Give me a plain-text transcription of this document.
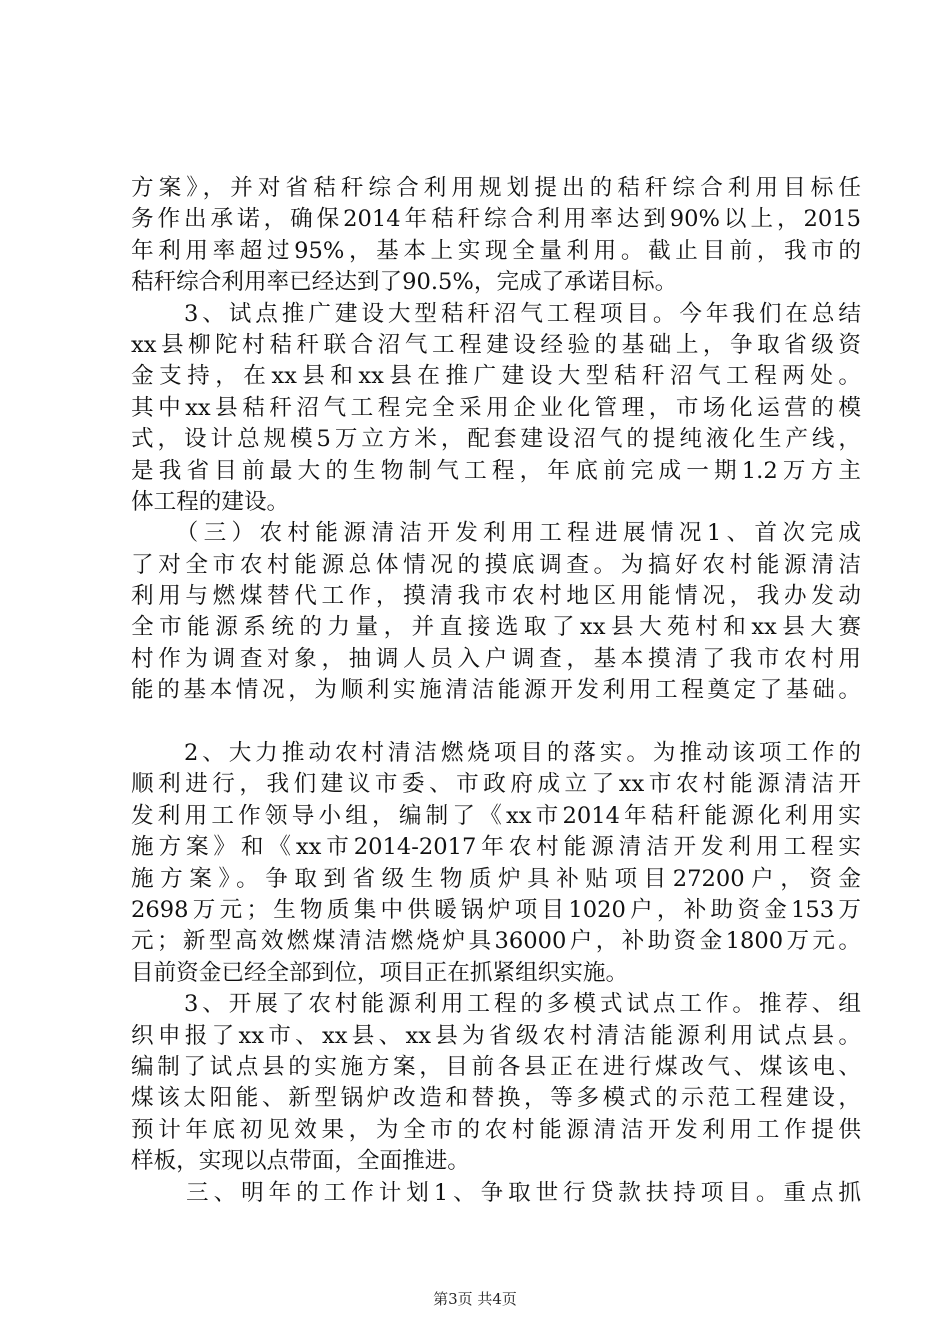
方案》，并对省秸秆综合利用规划提出的秸秆综合利用目标任
务作出承诺，确保2014年秸秆综合利用率达到90%以上，2015
年利用率超过95%，基本上实现全量利用。截止目前，我市的
秸秆综合利用率已经达到了90.5%，完成了承诺目标。
　　3、试点推广建设大型秸秆沼气工程项目。今年我们在总结
xx县柳陀村秸秆联合沼气工程建设经验的基础上，争取省级资
金支持，在xx县和xx县在推广建设大型秸秆沼气工程两处。
其中xx县秸秆沼气工程完全采用企业化管理，市场化运营的模
式，设计总规模5万立方米，配套建设沼气的提纯液化生产线，
是我省目前最大的生物制气工程，年底前完成一期1.2万方主
体工程的建设。
　　（三）农村能源清洁开发利用工程进展情况1、首次完成
了对全市农村能源总体情况的摸底调查。为搞好农村能源清洁
利用与燃煤替代工作，摸清我市农村地区用能情况，我办发动
全市能源系统的力量，并直接选取了xx县大苑村和xx县大赛
村作为调查对象，抽调人员入户调查，基本摸清了我市农村用
能的基本情况，为顺利实施清洁能源开发利用工程奠定了基础。
　　2、大力推动农村清洁燃烧项目的落实。为推动该项工作的
顺利进行，我们建议市委、市政府成立了xx市农村能源清洁开
发利用工作领导小组，编制了《xx市2014年秸秆能源化利用实
施方案》和《xx市2014-2017年农村能源清洁开发利用工程实
施方案》。争取到省级生物质炉具补贴项目27200户，资金
2698万元；生物质集中供暖锅炉项目1020户，补助资金153万
元；新型高效燃煤清洁燃烧炉具36000户，补助资金1800万元。
目前资金已经全部到位，项目正在抓紧组织实施。
　　3、开展了农村能源利用工程的多模式试点工作。推荐、组
织申报了xx市、xx县、xx县为省级农村清洁能源利用试点县。
编制了试点县的实施方案，目前各县正在进行煤改气、煤该电、
煤该太阳能、新型锅炉改造和替换，等多模式的示范工程建设，
预计年底初见效果，为全市的农村能源清洁开发利用工作提供
样板，实现以点带面，全面推进。
　　三、明年的工作计划1、争取世行贷款扶持项目。重点抓
第3页 共4页
